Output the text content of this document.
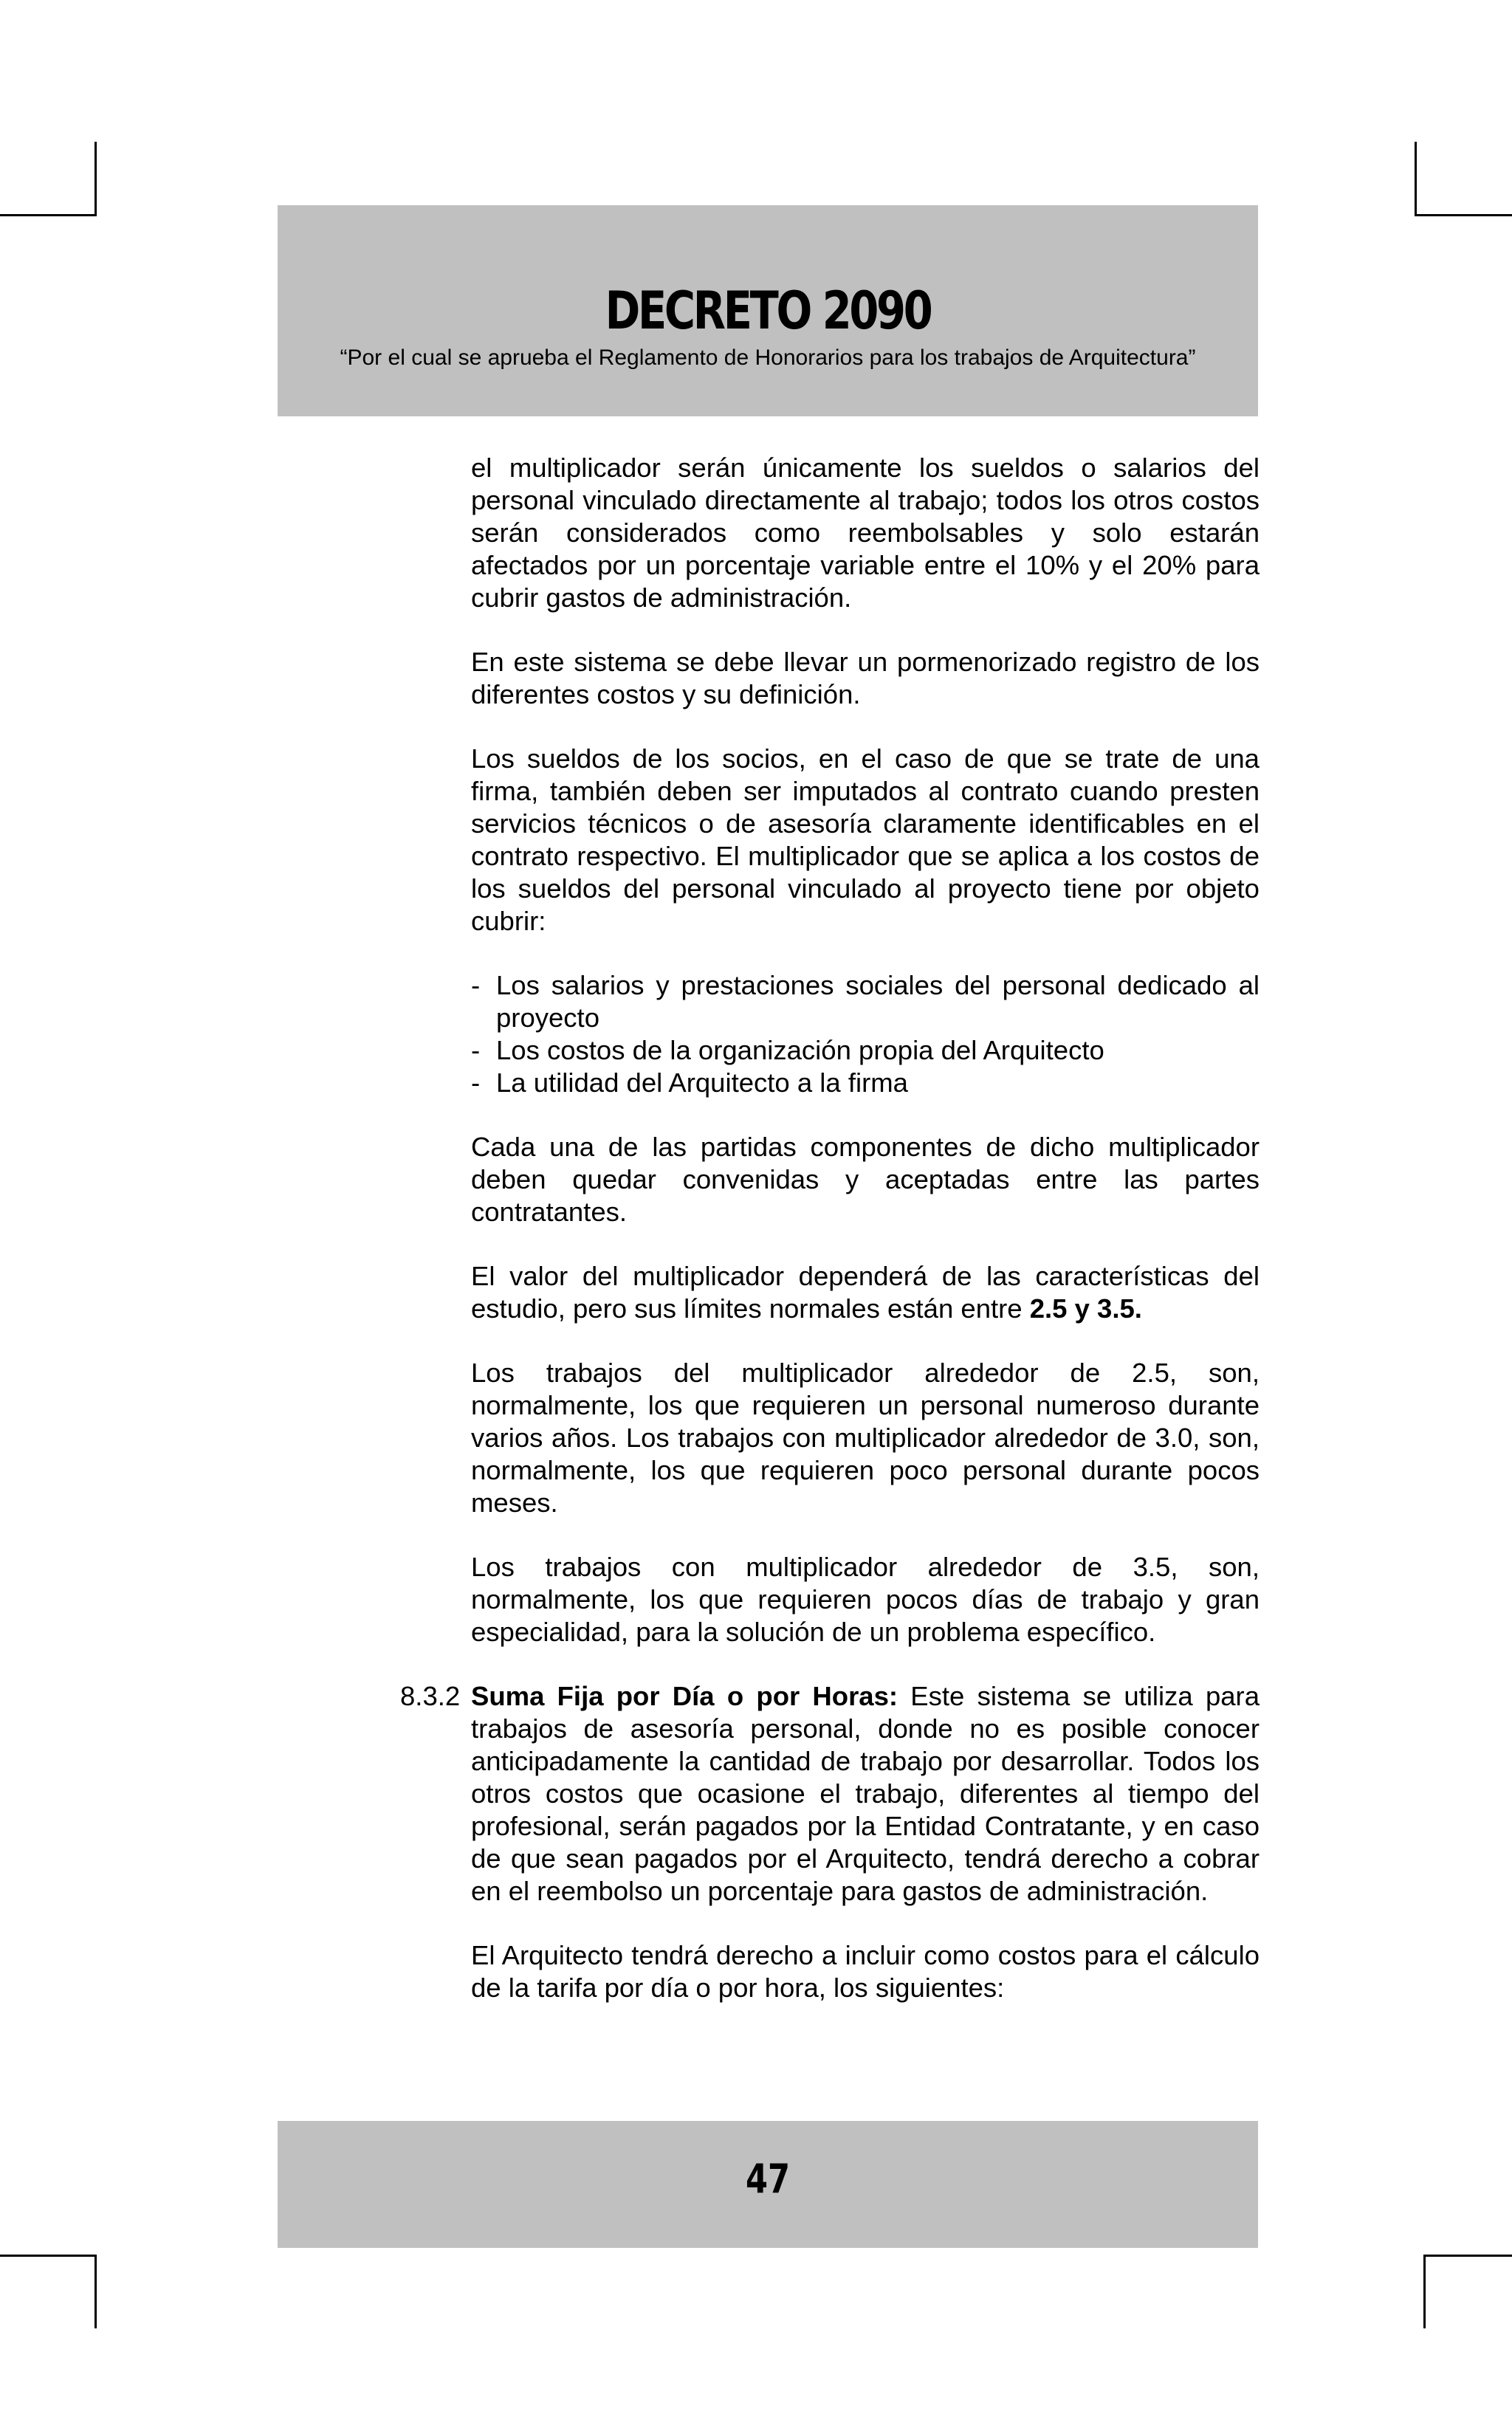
DECRETO 2090
“Por el cual se aprueba el Reglamento de Honorarios para los trabajos de Arquitectura”

el multiplicador serán únicamente los sueldos o salarios del personal vinculado directamente al trabajo; todos los otros costos serán considerados como reembolsables y solo estarán afectados por un porcentaje variable entre el 10% y el 20% para cubrir gastos de administración.

En este sistema se debe llevar un pormenorizado registro de los diferentes costos y su definición.

Los sueldos de los socios, en el caso de que se trate de una firma, también deben ser imputados al contrato cuando presten servicios técnicos o de asesoría claramente identificables en el contrato respectivo. El multiplicador que se aplica a los costos de los sueldos del personal vinculado al proyecto tiene por objeto cubrir:

- Los salarios y prestaciones sociales del personal dedicado al proyecto
- Los costos de la organización propia del Arquitecto
- La utilidad del Arquitecto a la firma

Cada una de las partidas componentes de dicho multiplicador deben quedar convenidas y aceptadas entre las partes contratantes.

El valor del multiplicador dependerá de las características del estudio, pero sus límites normales están entre 2.5 y 3.5.

Los trabajos del multiplicador alrededor de 2.5, son, normalmente, los que requieren un personal numeroso durante varios años. Los trabajos con multiplicador alrededor de 3.0, son, normalmente, los que requieren poco personal durante pocos meses.

Los trabajos con multiplicador alrededor de 3.5, son, normalmente, los que requieren pocos días de trabajo y gran especialidad, para la solución de un problema específico.

8.3.2 Suma Fija por Día o por Horas: Este sistema se utiliza para trabajos de asesoría personal, donde no es posible conocer anticipadamente la cantidad de trabajo por desarrollar. Todos los otros costos que ocasione el trabajo, diferentes al tiempo del profesional, serán pagados por la Entidad Contratante, y en caso de que sean pagados por el Arquitecto, tendrá derecho a cobrar en el reembolso un porcentaje para gastos de administración.

El Arquitecto tendrá derecho a incluir como costos para el cálculo de la tarifa por día o por hora, los siguientes:

47
